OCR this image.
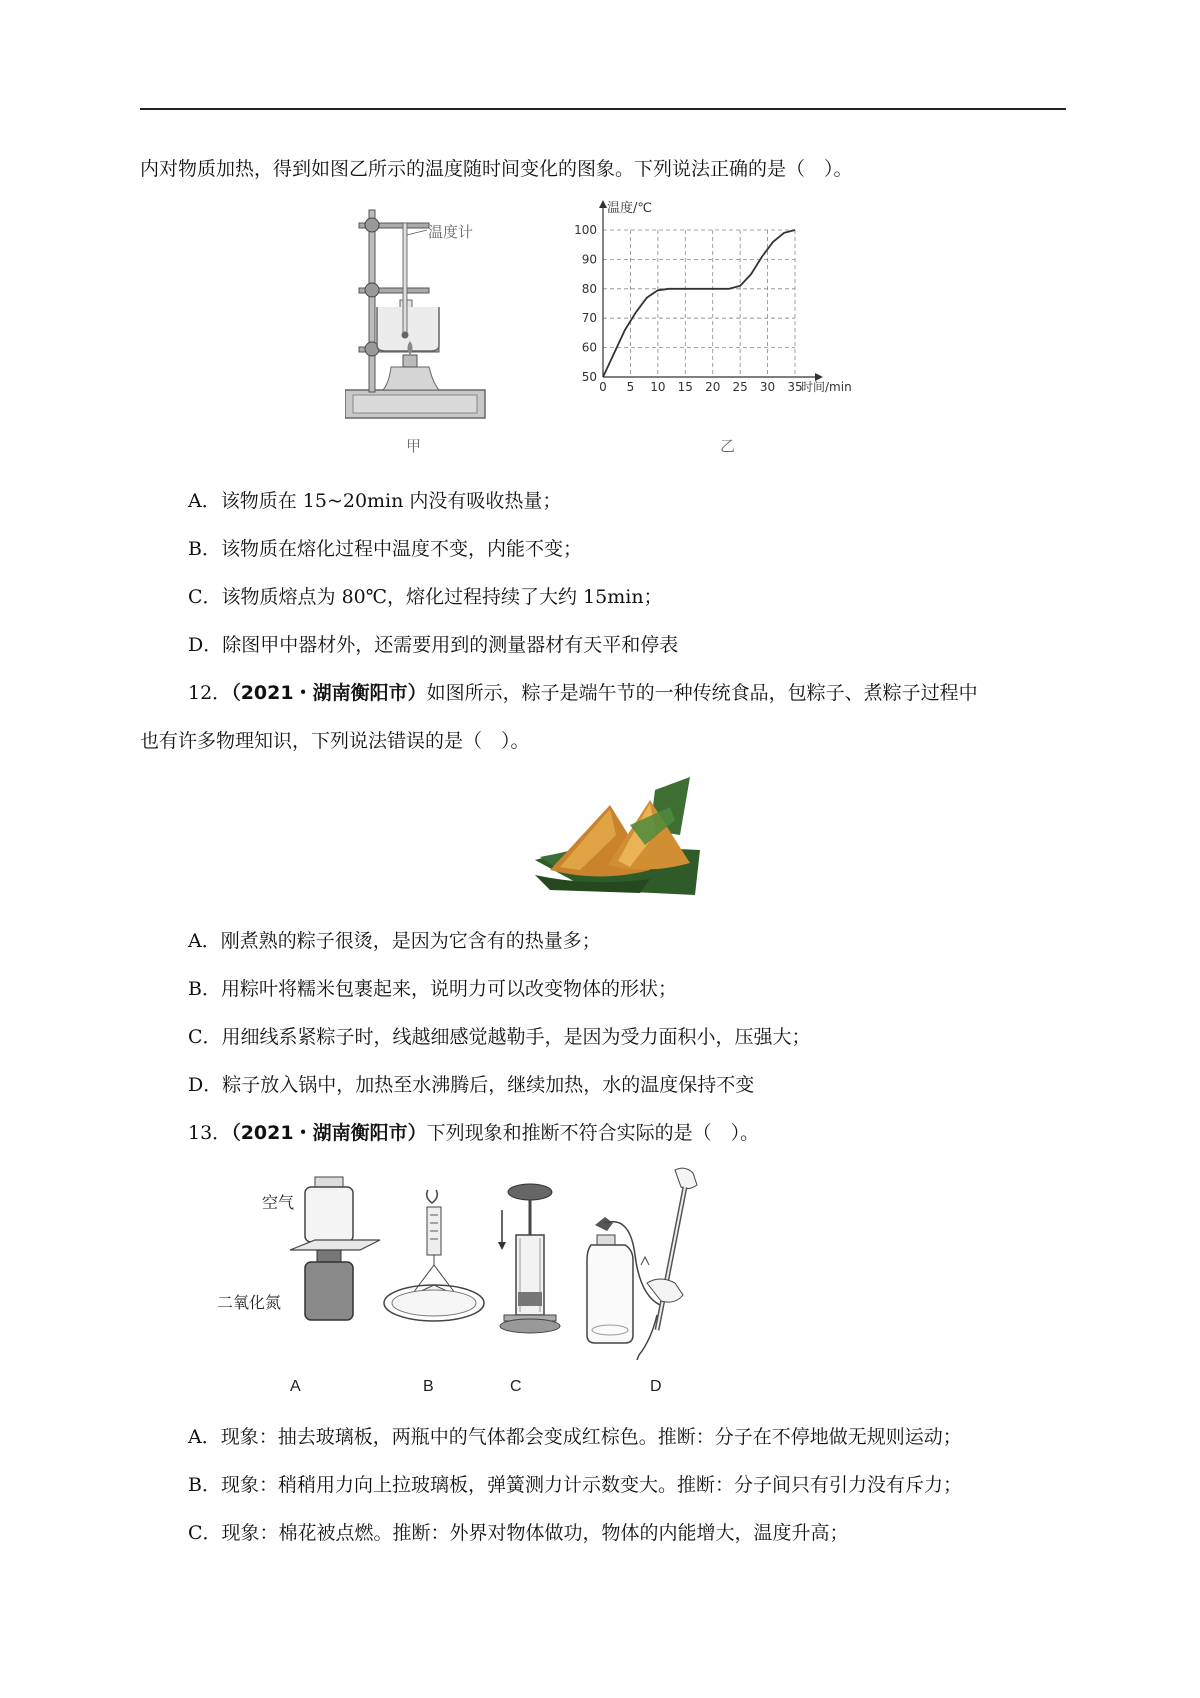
内对物质加热，得到如图乙所示的温度随时间变化的图象。下列说法正确的是（　）。
温度计
甲
0 5 10 15 20 25 30 35
50
60
70
80
90
100
温度/℃
时间/min
乙
A．该物质在 15~20min 内没有吸收热量；
B．该物质在熔化过程中温度不变，内能不变；
C．该物质熔点为 80℃，熔化过程持续了大约 15min；
D．除图甲中器材外，还需要用到的测量器材有天平和停表
12．（2021・湖南衡阳市）如图所示，粽子是端午节的一种传统食品，包粽子、煮粽子过程中
也有许多物理知识，下列说法错误的是（　）。
A．刚煮熟的粽子很烫，是因为它含有的热量多；
B．用粽叶将糯米包裹起来，说明力可以改变物体的形状；
C．用细线系紧粽子时，线越细感觉越勒手，是因为受力面积小，压强大；
D．粽子放入锅中，加热至水沸腾后，继续加热，水的温度保持不变
13．（2021・湖南衡阳市）下列现象和推断不符合实际的是（　）。
空气
二氧化氮
A	B	C	D
A．现象：抽去玻璃板，两瓶中的气体都会变成红棕色。推断：分子在不停地做无规则运动；
B．现象：稍稍用力向上拉玻璃板，弹簧测力计示数变大。推断：分子间只有引力没有斥力；
C．现象：棉花被点燃。推断：外界对物体做功，物体的内能增大，温度升高；
